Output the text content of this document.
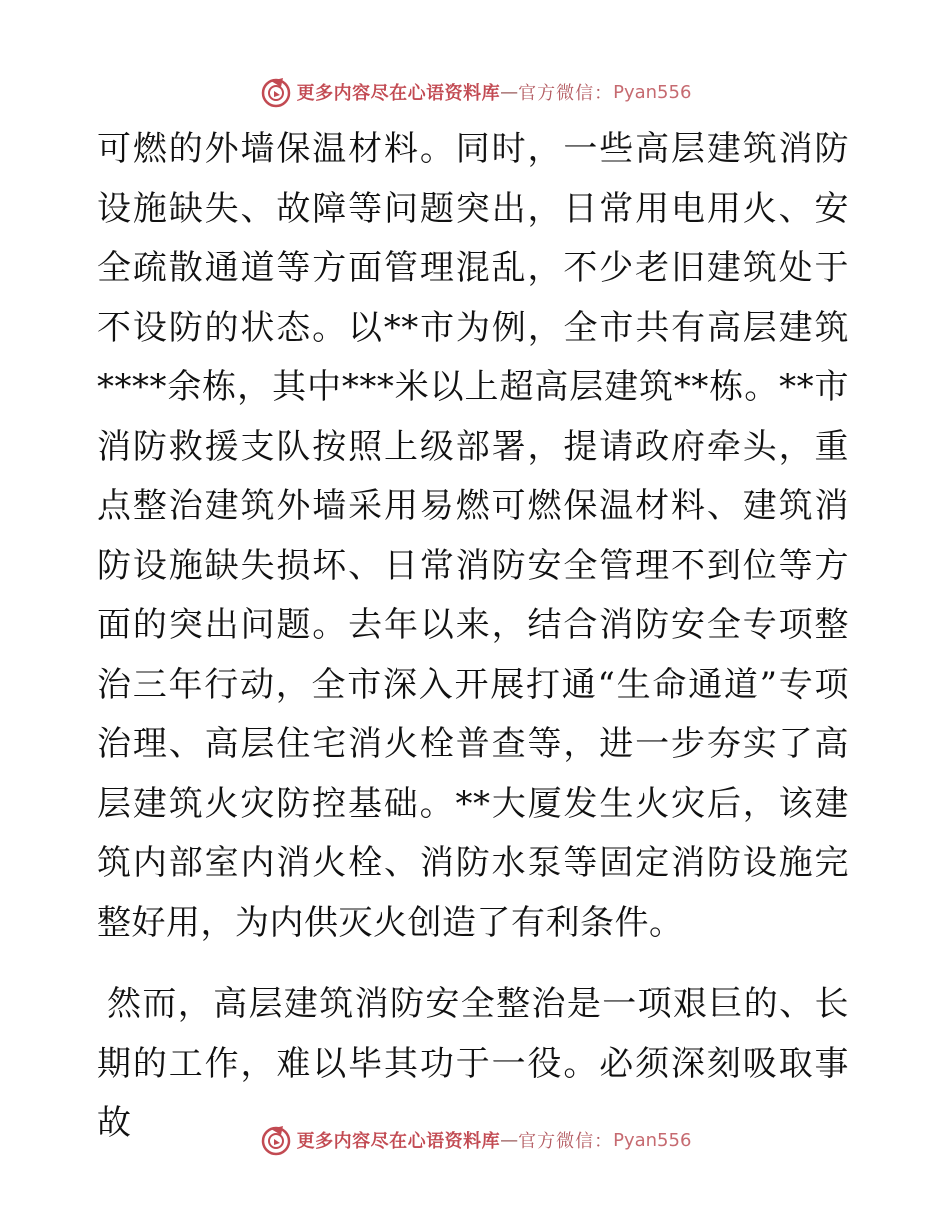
更多内容尽在心语资料库 — 官方微信： Pyan556

可燃的外墙保温材料。同时，一些高层建筑消防设施缺失、故障等问题突出，日常用电用火、安全疏散通道等方面管理混乱，不少老旧建筑处于不设防的状态。以**市为例，全市共有高层建筑****余栋，其中***米以上超高层建筑**栋。**市消防救援支队按照上级部署，提请政府牵头，重点整治建筑外墙采用易燃可燃保温材料、建筑消防设施缺失损坏、日常消防安全管理不到位等方面的突出问题。去年以来，结合消防安全专项整治三年行动，全市深入开展打通“生命通道”专项治理、高层住宅消火栓普查等，进一步夯实了高层建筑火灾防控基础。**大厦发生火灾后，该建筑内部室内消火栓、消防水泵等固定消防设施完整好用，为内供灭火创造了有利条件。

然而，高层建筑消防安全整治是一项艰巨的、长期的工作，难以毕其功于一役。必须深刻吸取事故	更多内容尽在心语资料库 — 官方微信： Pyan556
